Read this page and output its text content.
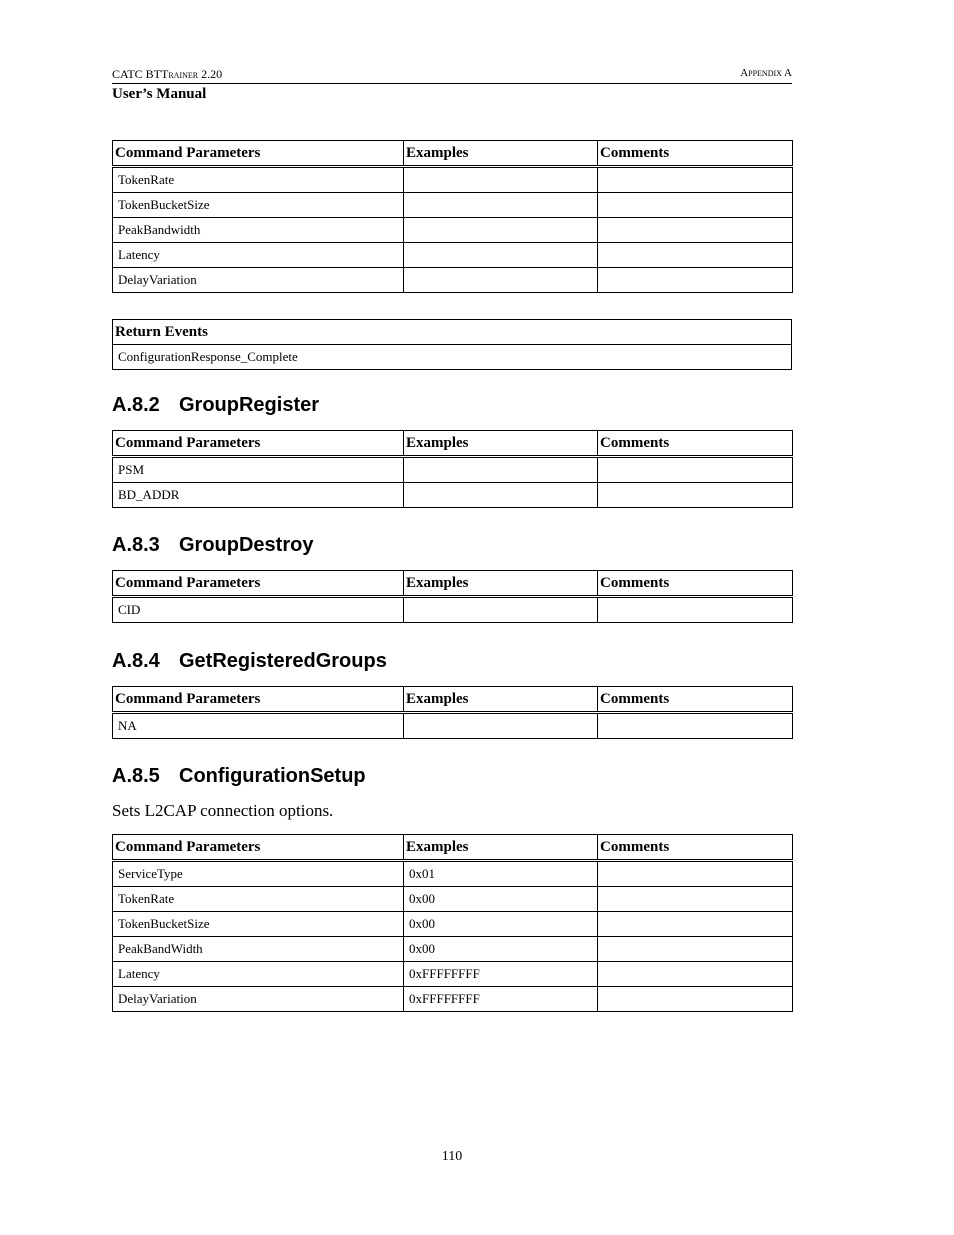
CATC BTTrainer 2.20	Appendix A
User’s Manual
Command Parameters	Examples	Comments
TokenRate		
TokenBucketSize		
PeakBandwidth		
Latency		
DelayVariation		
Return Events
ConfigurationResponse_Complete
A.8.2 GroupRegister
Command Parameters	Examples	Comments
PSM		
BD_ADDR		
A.8.3 GroupDestroy
Command Parameters	Examples	Comments
CID		
A.8.4 GetRegisteredGroups
Command Parameters	Examples	Comments
NA		
A.8.5 ConfigurationSetup
Sets L2CAP connection options.
Command Parameters	Examples	Comments
ServiceType	0x01	
TokenRate	0x00	
TokenBucketSize	0x00	
PeakBandWidth	0x00	
Latency	0xFFFFFFFF	
DelayVariation	0xFFFFFFFF	
110
